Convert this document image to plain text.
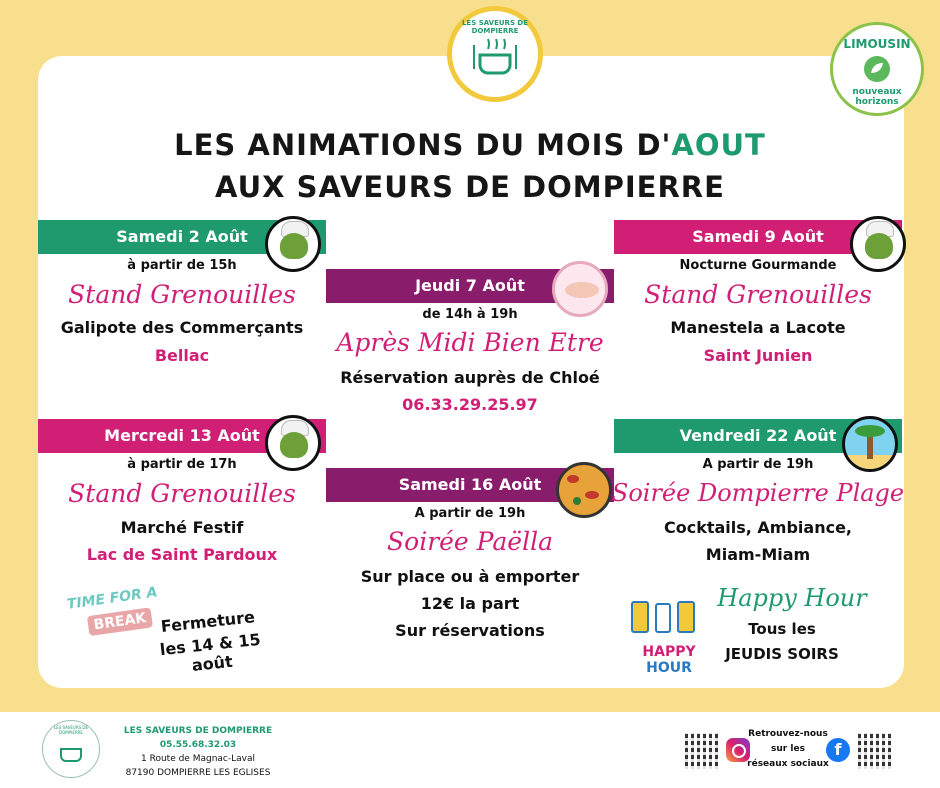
LES SAVEURS DE DOMPIERRE
LIMOUSIN
nouveaux horizons
LES ANIMATIONS DU MOIS D'AOUT
AUX SAVEURS DE DOMPIERRE
Samedi 2 Août
à partir de 15h
Stand Grenouilles
Galipote des Commerçants
Bellac
Jeudi 7 Août
de 14h à 19h
Après Midi Bien Etre
Réservation auprès de Chloé
06.33.29.25.97
Samedi 9 Août
Nocturne Gourmande
Stand Grenouilles
Manestela a Lacote
Saint Junien
Mercredi 13 Août
à partir de 17h
Stand Grenouilles
Marché Festif
Lac de Saint Pardoux
Samedi 16 Août
A partir de 19h
Soirée Paëlla
Sur place ou à emporter
12€ la part
Sur réservations
Vendredi 22 Août
A partir de 19h
Soirée Dompierre Plage
Cocktails, Ambiance,
Miam-Miam
TIME FOR A
BREAK Fermeture
les 14 & 15 août	HAPPY
HOUR
Happy Hour
Tous les
JEUDIS SOIRS
LES SAVEURS DE DOMPIERRE	LES SAVEURS DE DOMPIERRE
05.55.68.32.03
1 Route de Magnac-Laval
87190 DOMPIERRE LES EGLISES
Retrouvez-nous
sur les
réseaux sociaux
f
